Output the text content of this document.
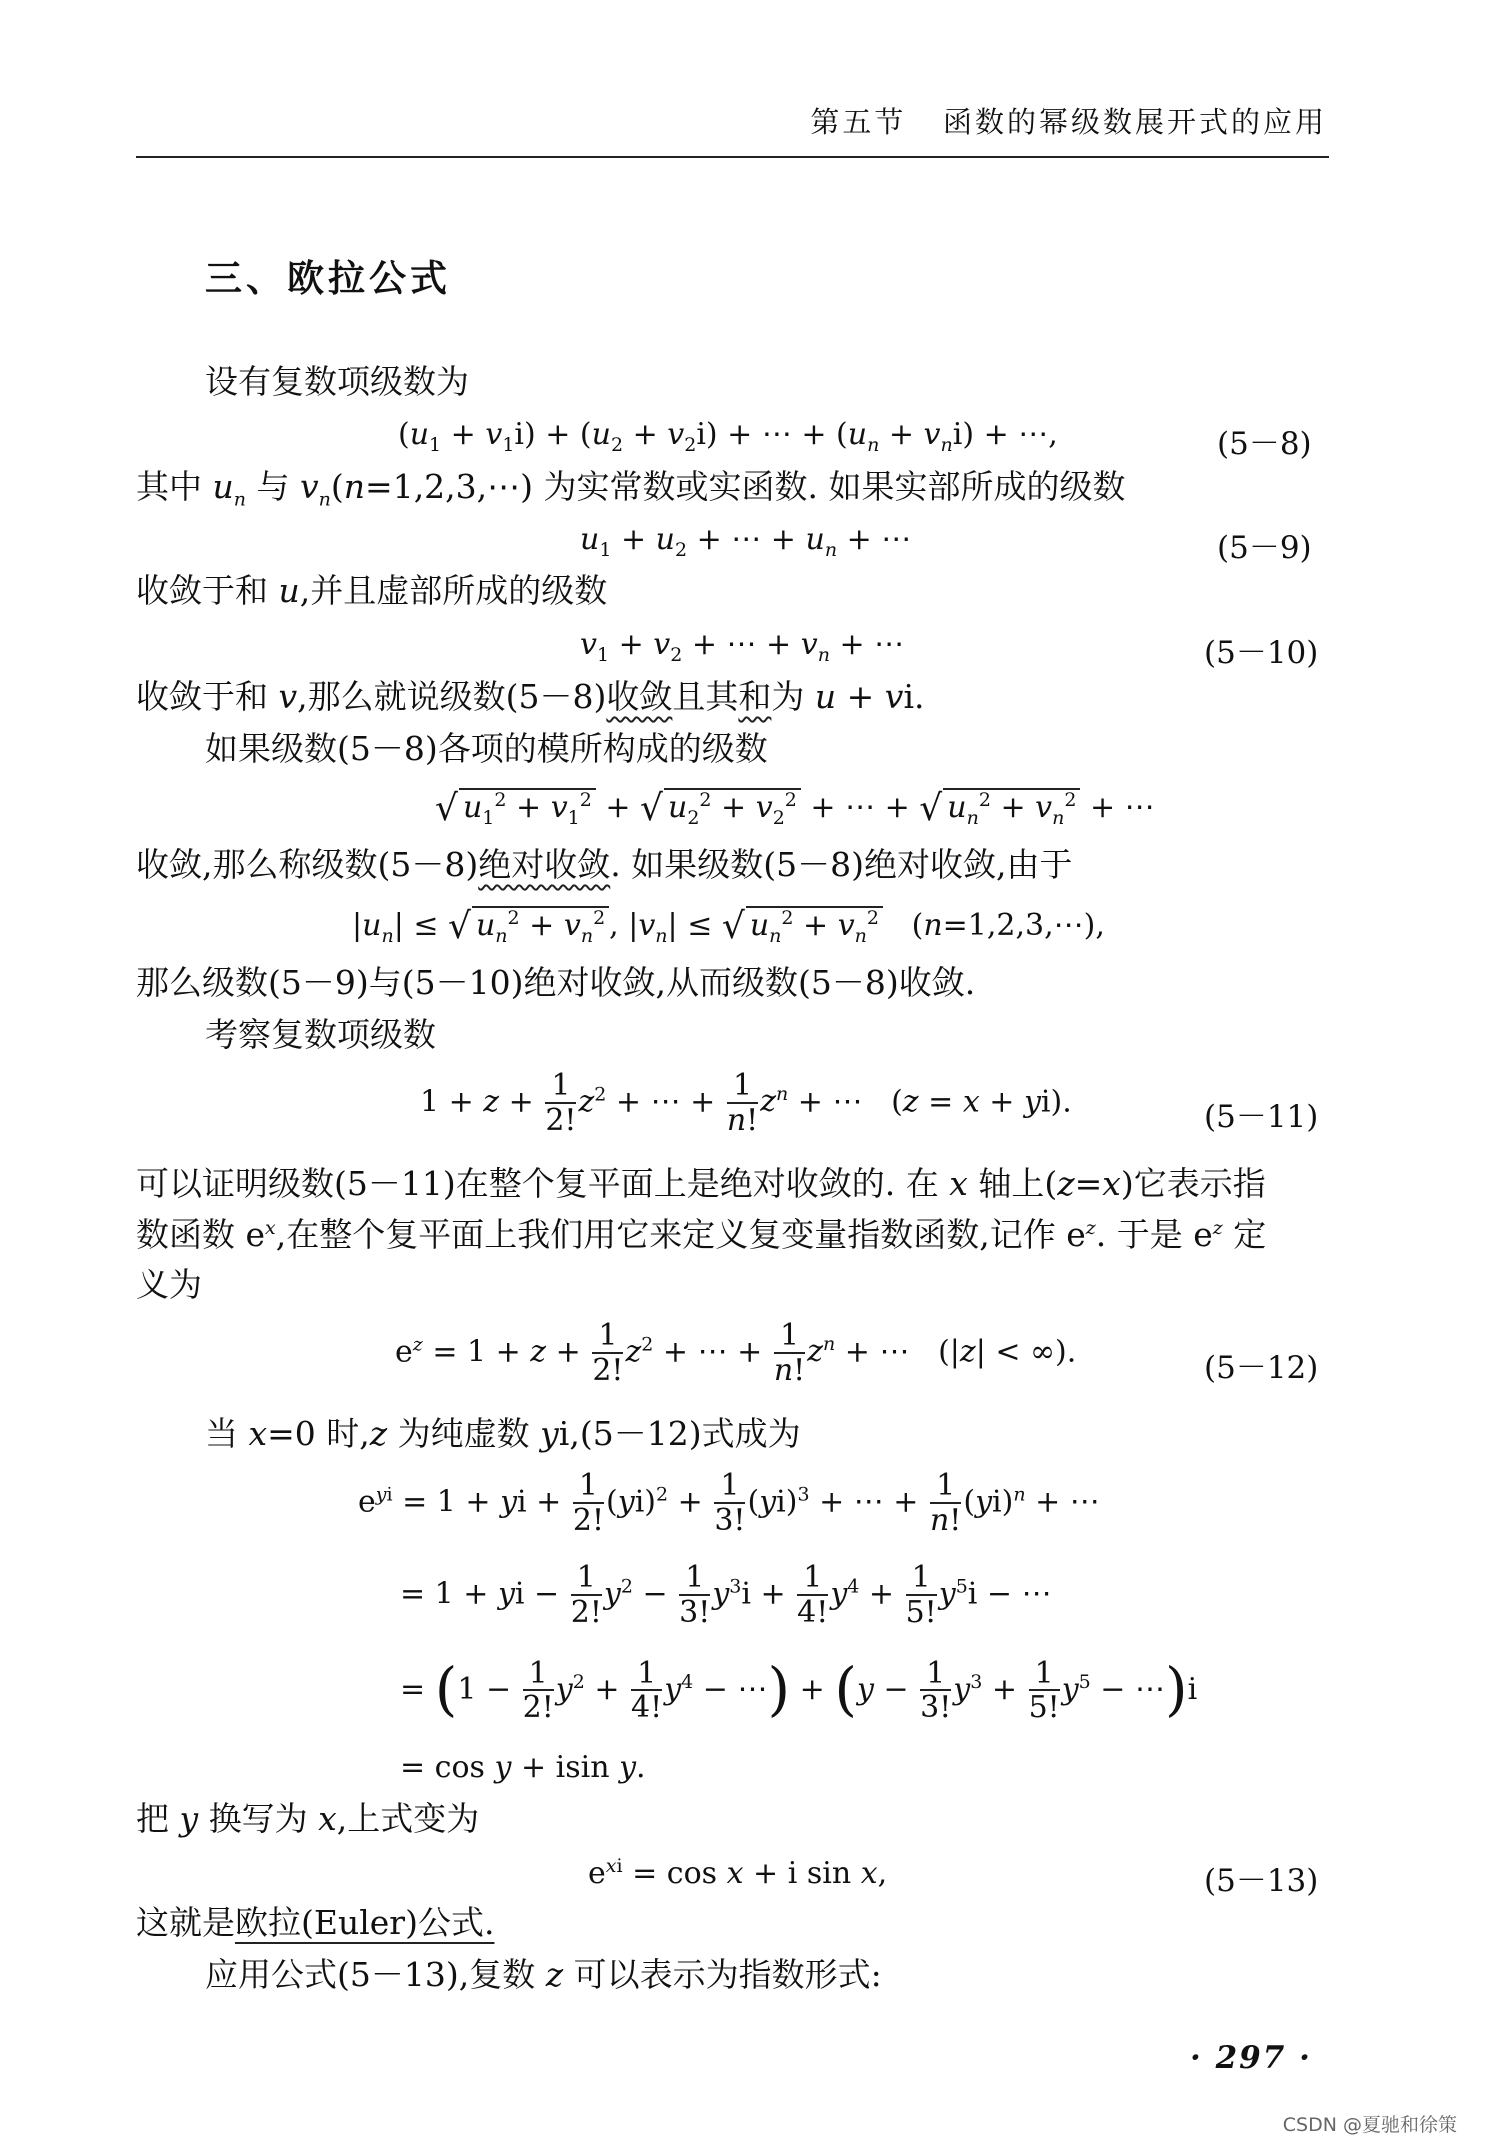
第五节 函数的幂级数展开式的应用
三、欧拉公式
设有复数项级数为
$(u_1 + v_1i) + (u_2 + v_2i)$ + ⋯ + $(u_n + v_ni)$ + ⋯,	(5－8)
其中 $u_n$ 与 $v_n(n=1,2,3,\cdots)$ 为实常数或实函数. 如果实部所成的级数
$u_1 + u_2$ + ⋯ + $u_n$ + ⋯	(5－9)
收敛于和 u,并且虚部所成的级数
$v_1 + v_2$ + ⋯ + $v_n$ + ⋯	(5－10)
收敛于和 v,那么就说级数(5－8)收敛且其和为 u + vi.
如果级数(5－8)各项的模所构成的级数
√ $u_1^2 + v_1^2$ + √ $u_2^2 + v_2^2$ + ⋯ + √ $u_n^2 + v_n^2$ + ⋯
收敛,那么称级数(5－8)绝对收敛. 如果级数(5－8)绝对收敛,由于
$|u_n|$ ≤ √ $u_n^2 + v_n^2$ , $|v_n|$ ≤ √ $u_n^2 + v_n^2$   (n=1,2,3,⋯),
那么级数(5－9)与(5－10)绝对收敛,从而级数(5－8)收敛.
考察复数项级数
$1 + z + \frac{1}{2!} z^2$ + ⋯ + $\frac{1}{n!} z^n$ + ⋯   (z = x + yi).	(5－11)
可以证明级数(5－11)在整个复平面上是绝对收敛的. 在 x 轴上(z=x)它表示指
数函数 $e^x$,在整个复平面上我们用它来定义复变量指数函数,记作 $e^z$. 于是 $e^z$ 定
义为
$e^z = 1 + z + \frac{1}{2!} z^2$ + ⋯ + $\frac{1}{n!} z^n$ + ⋯   (|z| < ∞).	(5－12)
当 x=0 时,z 为纯虚数 yi,(5－12)式成为
$e^{yi} = 1$ + yi + $\frac{1}{2!} (yi)^2 + \frac{1}{3!} (yi)^3$ + ⋯ + $\frac{1}{n!} (yi)^n$ + ⋯
= 1 + yi − $\frac{1}{2!} y^2 - \frac{1}{3!} y^3i + \frac{1}{4!} y^4 + \frac{1}{5!} y^5i$ − ⋯
= ($1 - \frac{1}{2!} y^2 + \frac{1}{4!} y^4$ − ⋯) + ($y - \frac{1}{3!} y^3 + \frac{1}{5!} y^5$ − ⋯)i
= cos y + isin y.
把 y 换写为 x,上式变为
$e^{xi} = \cos x + i$ sin x,	(5－13)
这就是欧拉(Euler)公式.
应用公式(5－13),复数 z 可以表示为指数形式:
· 297 ·
CSDN @夏驰和徐策
